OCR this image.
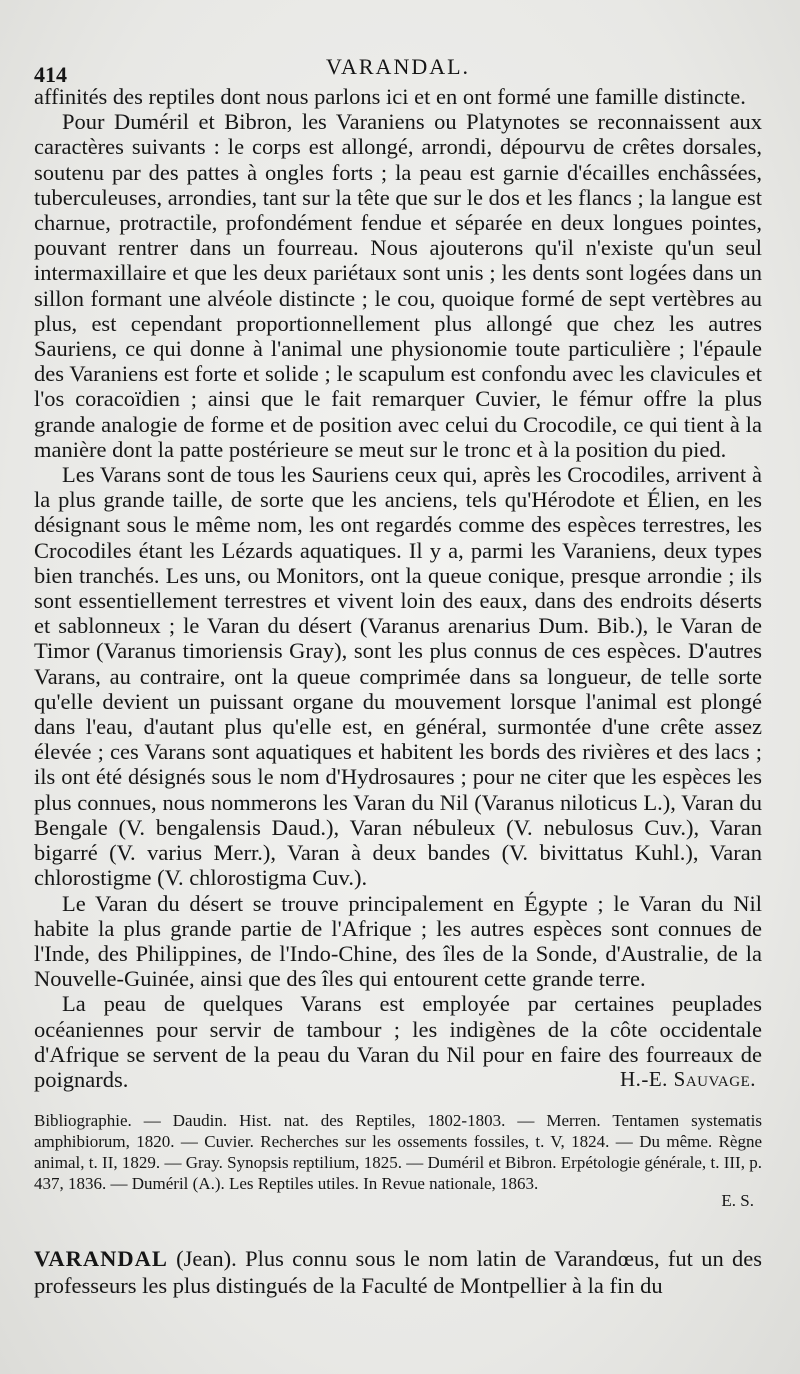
414	VARANDAL.

affinités des reptiles dont nous parlons ici et en ont formé une famille distincte.

Pour Duméril et Bibron, les Varaniens ou Platynotes se reconnaissent aux caractères suivants : le corps est allongé, arrondi, dépourvu de crêtes dorsales, soutenu par des pattes à ongles forts ; la peau est garnie d'écailles enchâssées, tuberculeuses, arrondies, tant sur la tête que sur le dos et les flancs ; la langue est charnue, protractile, profondément fendue et séparée en deux longues pointes, pouvant rentrer dans un fourreau. Nous ajouterons qu'il n'existe qu'un seul intermaxillaire et que les deux pariétaux sont unis ; les dents sont logées dans un sillon formant une alvéole distincte ; le cou, quoique formé de sept vertèbres au plus, est cependant proportionnellement plus allongé que chez les autres Sauriens, ce qui donne à l'animal une physionomie toute particulière ; l'épaule des Varaniens est forte et solide ; le scapulum est confondu avec les clavicules et l'os coracoïdien ; ainsi que le fait remarquer Cuvier, le fémur offre la plus grande analogie de forme et de position avec celui du Crocodile, ce qui tient à la manière dont la patte postérieure se meut sur le tronc et à la position du pied.

Les Varans sont de tous les Sauriens ceux qui, après les Crocodiles, arrivent à la plus grande taille, de sorte que les anciens, tels qu'Hérodote et Élien, en les désignant sous le même nom, les ont regardés comme des espèces terrestres, les Crocodiles étant les Lézards aquatiques. Il y a, parmi les Varaniens, deux types bien tranchés. Les uns, ou Monitors, ont la queue conique, presque arrondie ; ils sont essentiellement terrestres et vivent loin des eaux, dans des endroits déserts et sablonneux ; le Varan du désert (Varanus arenarius Dum. Bib.), le Varan de Timor (Varanus timoriensis Gray), sont les plus connus de ces espèces. D'autres Varans, au contraire, ont la queue comprimée dans sa longueur, de telle sorte qu'elle devient un puissant organe du mouvement lorsque l'animal est plongé dans l'eau, d'autant plus qu'elle est, en général, surmontée d'une crête assez élevée ; ces Varans sont aquatiques et habitent les bords des rivières et des lacs ; ils ont été désignés sous le nom d'Hydrosaures ; pour ne citer que les espèces les plus connues, nous nommerons les Varan du Nil (Varanus niloticus L.), Varan du Bengale (V. bengalensis Daud.), Varan nébuleux (V. nebulosus Cuv.), Varan bigarré (V. varius Merr.), Varan à deux bandes (V. bivittatus Kuhl.), Varan chlorostigme (V. chlorostigma Cuv.).

Le Varan du désert se trouve principalement en Égypte ; le Varan du Nil habite la plus grande partie de l'Afrique ; les autres espèces sont connues de l'Inde, des Philippines, de l'Indo-Chine, des îles de la Sonde, d'Australie, de la Nouvelle-Guinée, ainsi que des îles qui entourent cette grande terre.

La peau de quelques Varans est employée par certaines peuplades océaniennes pour servir de tambour ; les indigènes de la côte occidentale d'Afrique se servent de la peau du Varan du Nil pour en faire des fourreaux de poignards.	H.-E. Sauvage.
Bibliographie. — Daudin. Hist. nat. des Reptiles, 1802-1803. — Merren. Tentamen systematis amphibiorum, 1820. — Cuvier. Recherches sur les ossements fossiles, t. V, 1824. — Du même. Règne animal, t. II, 1829. — Gray. Synopsis reptilium, 1825. — Duméril et Bibron. Erpétologie générale, t. III, p. 437, 1836. — Duméril (A.). Les Reptiles utiles. In Revue nationale, 1863.
E. S.
VARANDAL (Jean). Plus connu sous le nom latin de Varandœus, fut un des professeurs les plus distingués de la Faculté de Montpellier à la fin du
